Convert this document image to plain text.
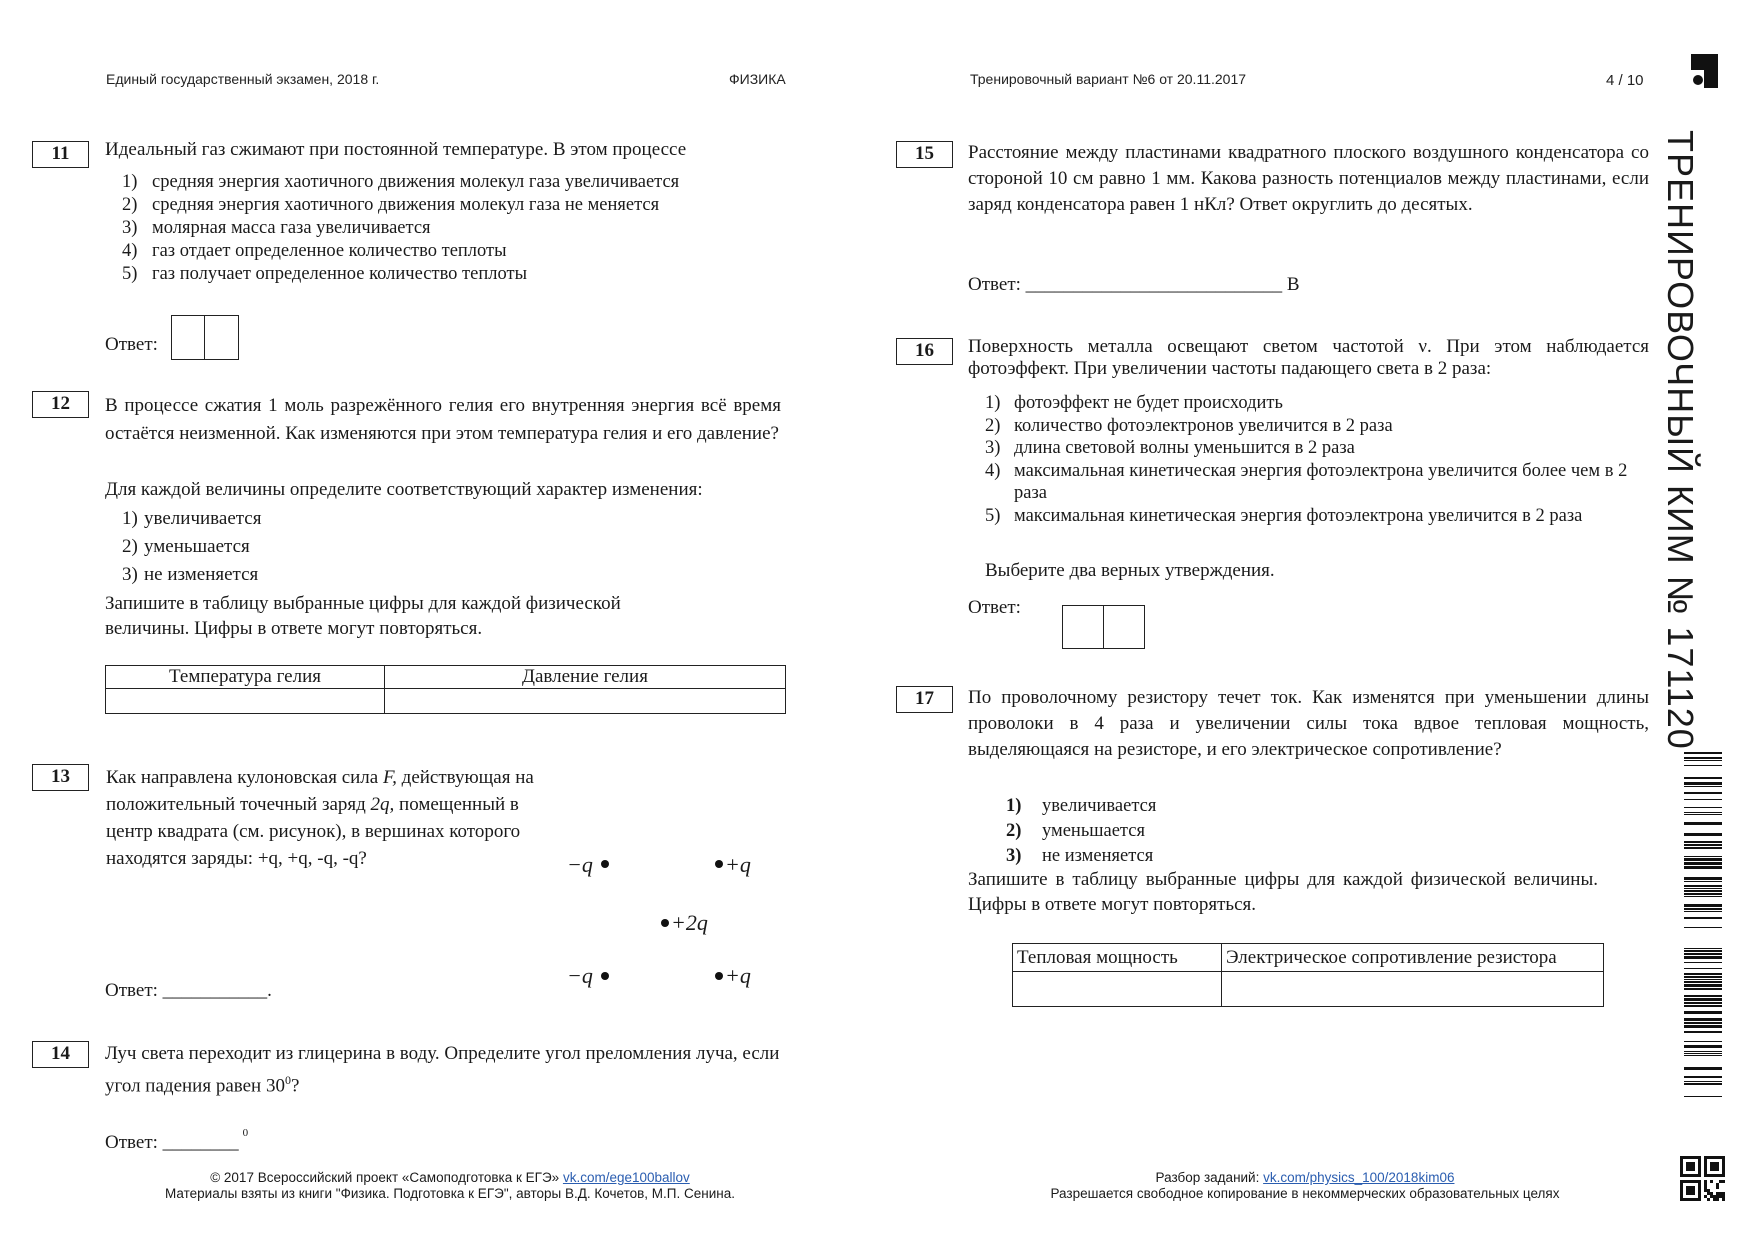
Единый государственный экзамен, 2018 г.	ФИЗИКА	Тренировочный вариант №6 от 20.11.2017	4 / 10
ТРЕНИРОВОЧНЫЙ КИМ № 171120
11	Идеальный газ сжимают при постоянной температуре. В этом процессе
1) средняя энергия хаотичного движения молекул газа увеличивается
2) средняя энергия хаотичного движения молекул газа не меняется
3) молярная масса газа увеличивается
4) газ отдает определенное количество теплоты
5) газ получает определенное количество теплоты
Ответ:
12	В процессе сжатия 1 моль разрежённого гелия его внутренняя энергия всё время остаётся неизменной. Как изменяются при этом температура гелия и его давление?
Для каждой величины определите соответствующий характер изменения:
1) увеличивается
2) уменьшается
3) не изменяется
Запишите в таблицу выбранные цифры для каждой физической величины. Цифры в ответе могут повторяться.
Температура гелия	Давление гелия

13	Как направлена кулоновская сила F, действующая на положительный точечный заряд 2q, помещенный в центр квадрата (см. рисунок), в вершинах которого находятся заряды: +q, +q, -q, -q?	−q	+q
+2q
−q	+q
Ответ: ___________.
14	Луч света переходит из глицерина в воду. Определите угол преломления луча, если угол падения равен $30^0$?
Ответ: ________ $^0$
15	Расстояние между пластинами квадратного плоского воздушного конденсатора со стороной 10 см равно 1 мм. Какова разность потенциалов между пластинами, если заряд конденсатора равен 1 нКл? Ответ округлить до десятых.
Ответ: ___________________________ В
16	Поверхность металла освещают светом частотой ν. При этом наблюдается фотоэффект. При увеличении частоты падающего света в 2 раза:
1) фотоэффект не будет происходить
2) количество фотоэлектронов увеличится в 2 раза
3) длина световой волны уменьшится в 2 раза
4) максимальная кинетическая энергия фотоэлектрона увеличится более чем в 2 раза
5) максимальная кинетическая энергия фотоэлектрона увеличится в 2 раза
Выберите два верных утверждения.
Ответ:
17	По проволочному резистору течет ток. Как изменятся при уменьшении длины проволоки в 4 раза и увеличении силы тока вдвое тепловая мощность, выделяющаяся на резисторе, и его электрическое сопротивление?
1) увеличивается
2) уменьшается
3) не изменяется
Запишите в таблицу выбранные цифры для каждой физической величины. Цифры в ответе могут повторяться.
Тепловая мощность	Электрическое сопротивление резистора

© 2017 Всероссийский проект «Самоподготовка к ЕГЭ» vk.com/ege100ballov
Материалы взяты из книги "Физика. Подготовка к ЕГЭ", авторы В.Д. Кочетов, М.П. Сенина.
Разбор заданий: vk.com/physics_100/2018kim06
Разрешается свободное копирование в некоммерческих образовательных целях
